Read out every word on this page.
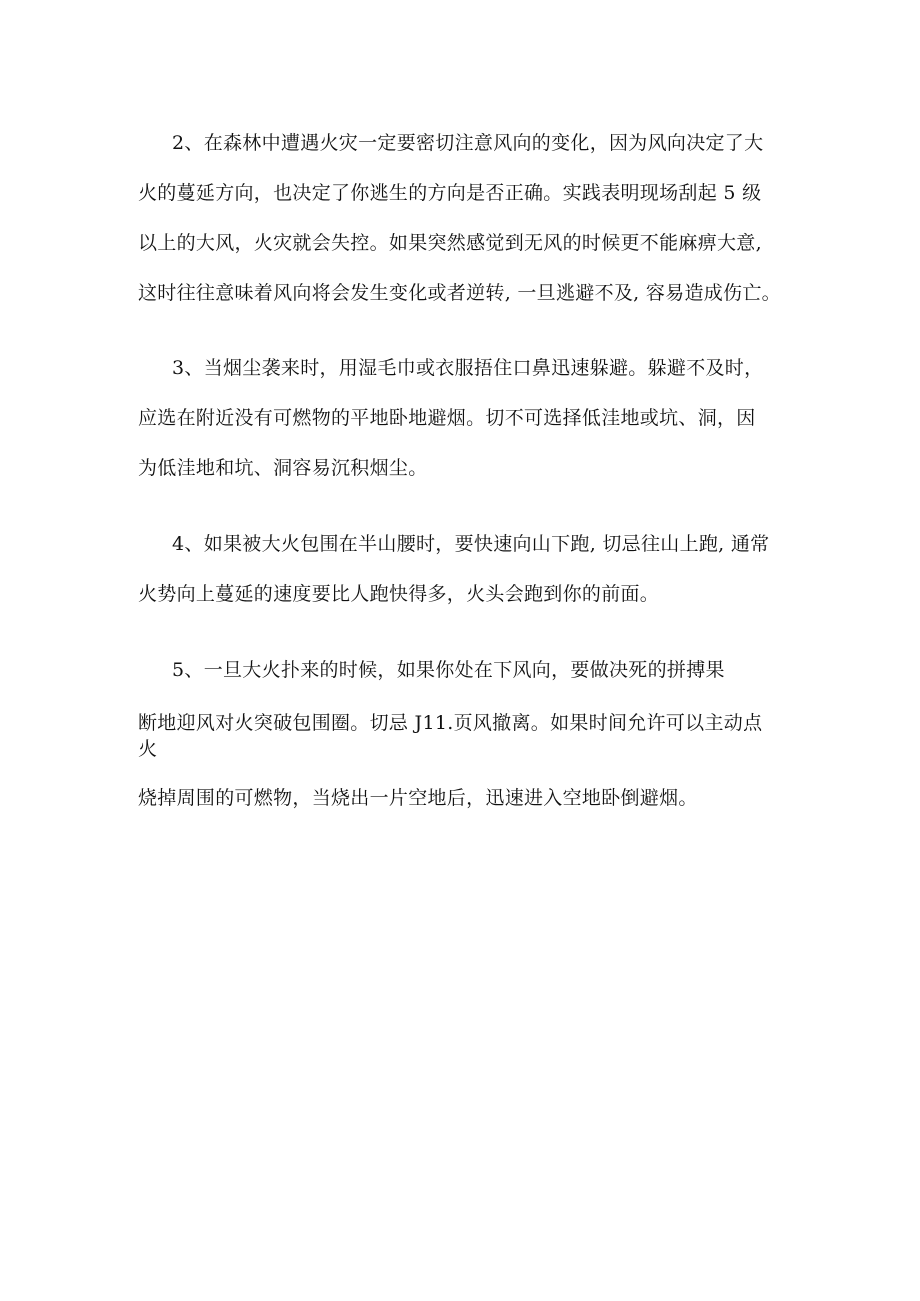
2、在森林中遭遇火灾一定要密切注意风向的变化，因为风向决定了大
火的蔓延方向，也决定了你逃生的方向是否正确。实践表明现场刮起 5 级
以上的大风，火灾就会失控。如果突然感觉到无风的时候更不能麻痹大意,
这时往往意味着风向将会发生变化或者逆转, 一旦逃避不及, 容易造成伤亡。
3、当烟尘袭来时，用湿毛巾或衣服捂住口鼻迅速躲避。躲避不及时，
应选在附近没有可燃物的平地卧地避烟。切不可选择低洼地或坑、洞，因
为低洼地和坑、洞容易沉积烟尘。
4、如果被大火包围在半山腰时，要快速向山下跑, 切忌往山上跑, 通常
火势向上蔓延的速度要比人跑快得多，火头会跑到你的前面。
5、一旦大火扑来的时候，如果你处在下风向，要做决死的拼搏果
断地迎风对火突破包围圈。切忌 J11.页风撤离。如果时间允许可以主动点
火
烧掉周围的可燃物，当烧出一片空地后，迅速进入空地卧倒避烟。
